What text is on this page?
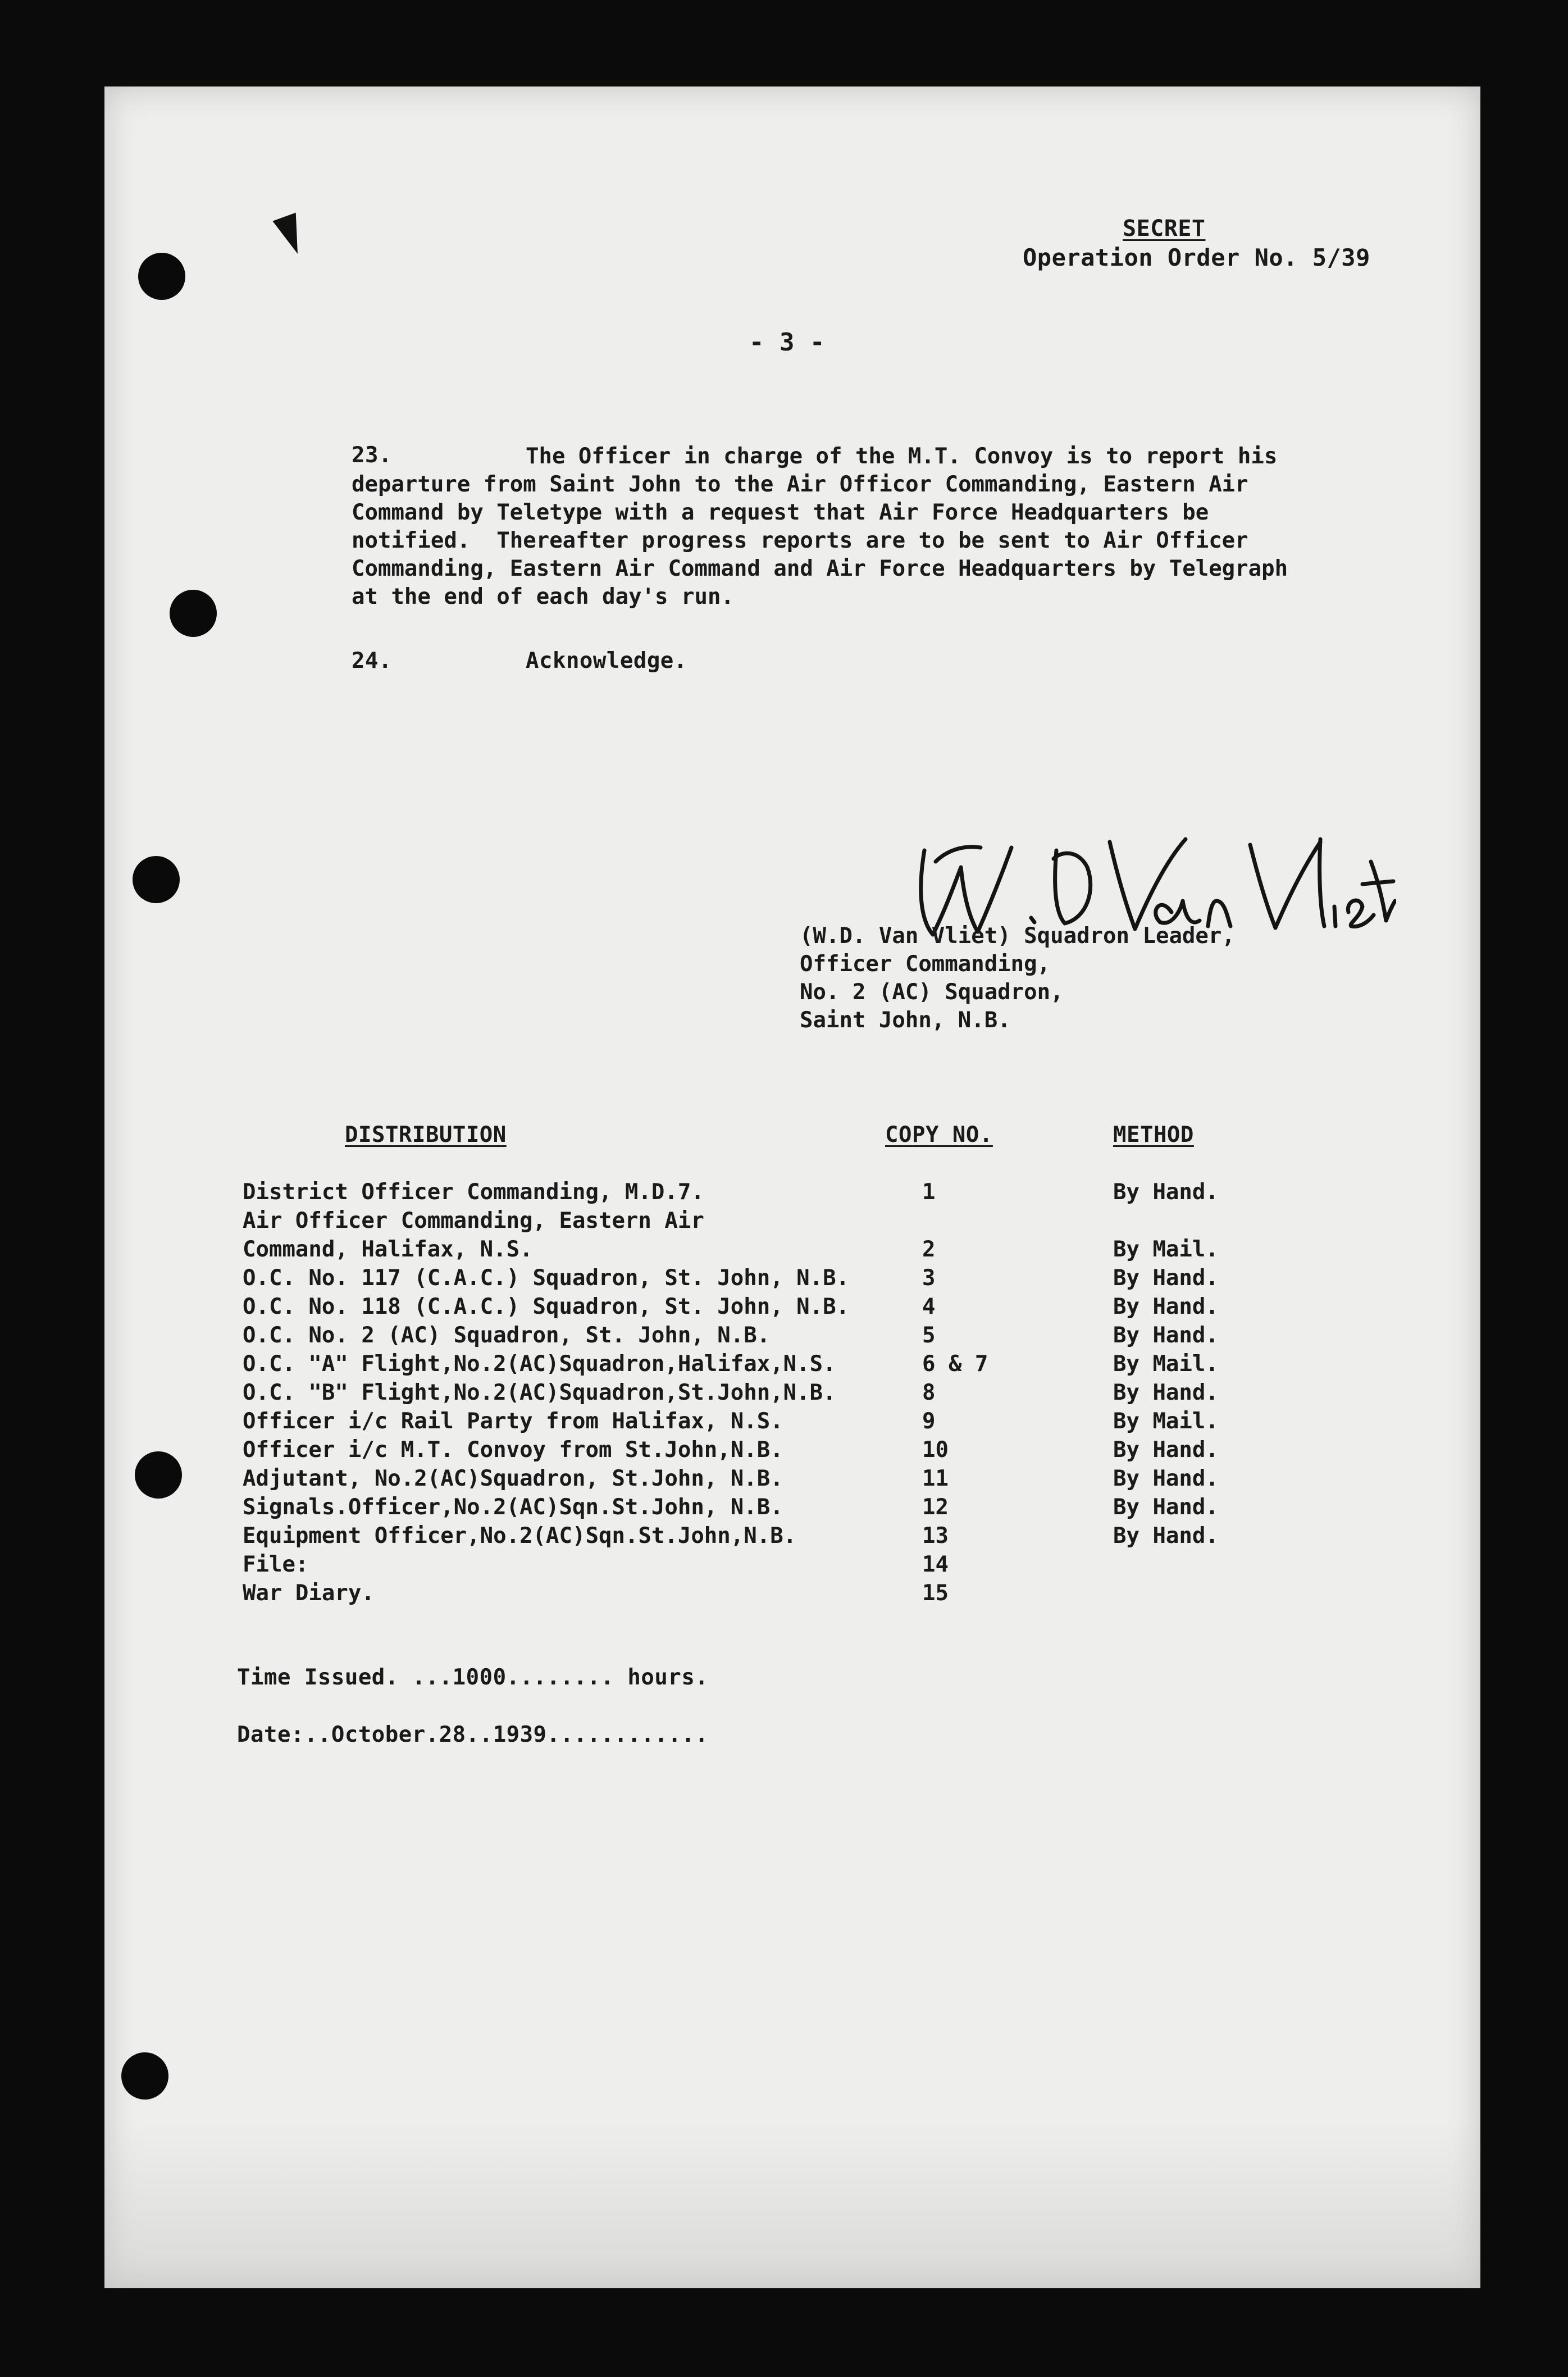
SECRET
Operation Order No. 5/39
- 3 -
23.	The Officer in charge of the M.T. Convoy is to report his
departure from Saint John to the Air Officor Commanding, Eastern Air
Command by Teletype with a request that Air Force Headquarters be
notified.  Thereafter progress reports are to be sent to Air Officer
Commanding, Eastern Air Command and Air Force Headquarters by Telegraph
at the end of each day's run.
24.	Acknowledge.
(W.D. Van Vliet) Squadron Leader,
Officer Commanding,
No. 2 (AC) Squadron,
Saint John, N.B.
DISTRIBUTION	COPY NO.	METHOD
District Officer Commanding, M.D.7.	1	By Hand.
Air Officer Commanding, Eastern Air
Command, Halifax, N.S.	2	By Mail.
O.C. No. 117 (C.A.C.) Squadron, St. John, N.B.	3	By Hand.
O.C. No. 118 (C.A.C.) Squadron, St. John, N.B.	4	By Hand.
O.C. No. 2 (AC) Squadron, St. John, N.B.	5	By Hand.
O.C. "A" Flight,No.2(AC)Squadron,Halifax,N.S.	6 & 7	By Mail.
O.C. "B" Flight,No.2(AC)Squadron,St.John,N.B.	8	By Hand.
Officer i/c Rail Party from Halifax, N.S.	9	By Mail.
Officer i/c M.T. Convoy from St.John,N.B.	10	By Hand.
Adjutant, No.2(AC)Squadron, St.John, N.B.	11	By Hand.
Signals.Officer,No.2(AC)Sqn.St.John, N.B.	12	By Hand.
Equipment Officer,No.2(AC)Sqn.St.John,N.B.	13	By Hand.
File:	14
War Diary.	15
Time Issued. ...1000........ hours.
Date:..October.28..1939............
